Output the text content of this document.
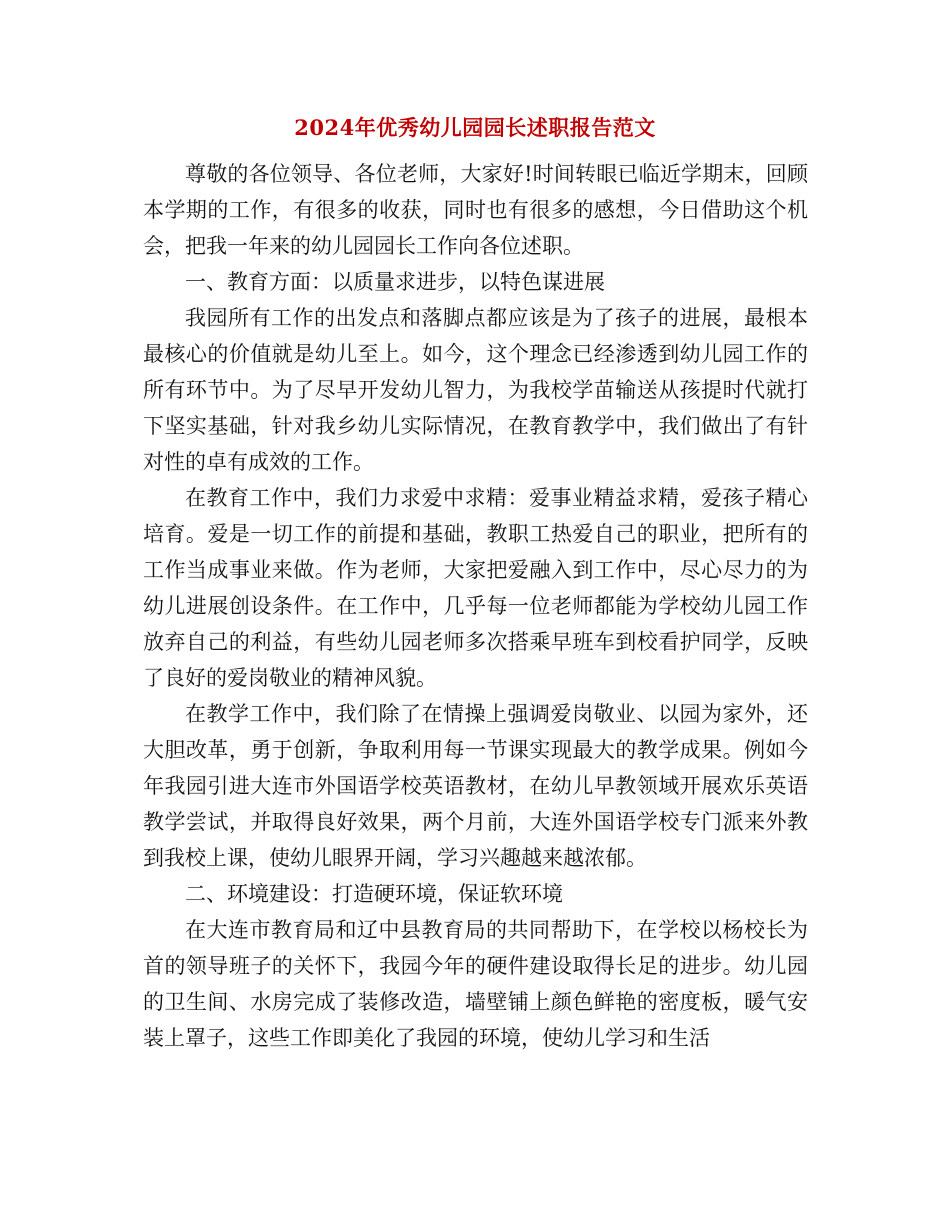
2024年优秀幼儿园园长述职报告范文

尊敬的各位领导、各位老师，大家好!时间转眼已临近学期末，回顾本学期的工作，有很多的收获，同时也有很多的感想，今日借助这个机会，把我一年来的幼儿园园长工作向各位述职。

一、教育方面：以质量求进步，以特色谋进展

我园所有工作的出发点和落脚点都应该是为了孩子的进展，最根本最核心的价值就是幼儿至上。如今，这个理念已经渗透到幼儿园工作的所有环节中。为了尽早开发幼儿智力，为我校学苗输送从孩提时代就打下坚实基础，针对我乡幼儿实际情况，在教育教学中，我们做出了有针对性的卓有成效的工作。

在教育工作中，我们力求爱中求精：爱事业精益求精，爱孩子精心培育。爱是一切工作的前提和基础，教职工热爱自己的职业，把所有的工作当成事业来做。作为老师，大家把爱融入到工作中，尽心尽力的为幼儿进展创设条件。在工作中，几乎每一位老师都能为学校幼儿园工作放弃自己的利益，有些幼儿园老师多次搭乘早班车到校看护同学，反映了良好的爱岗敬业的精神风貌。

在教学工作中，我们除了在情操上强调爱岗敬业、以园为家外，还大胆改革，勇于创新，争取利用每一节课实现最大的教学成果。例如今年我园引进大连市外国语学校英语教材，在幼儿早教领域开展欢乐英语教学尝试，并取得良好效果，两个月前，大连外国语学校专门派来外教到我校上课，使幼儿眼界开阔，学习兴趣越来越浓郁。

二、环境建设：打造硬环境，保证软环境

在大连市教育局和辽中县教育局的共同帮助下，在学校以杨校长为首的领导班子的关怀下，我园今年的硬件建设取得长足的进步。幼儿园的卫生间、水房完成了装修改造，墙壁铺上颜色鲜艳的密度板，暖气安装上罩子，这些工作即美化了我园的环境，使幼儿学习和生活
